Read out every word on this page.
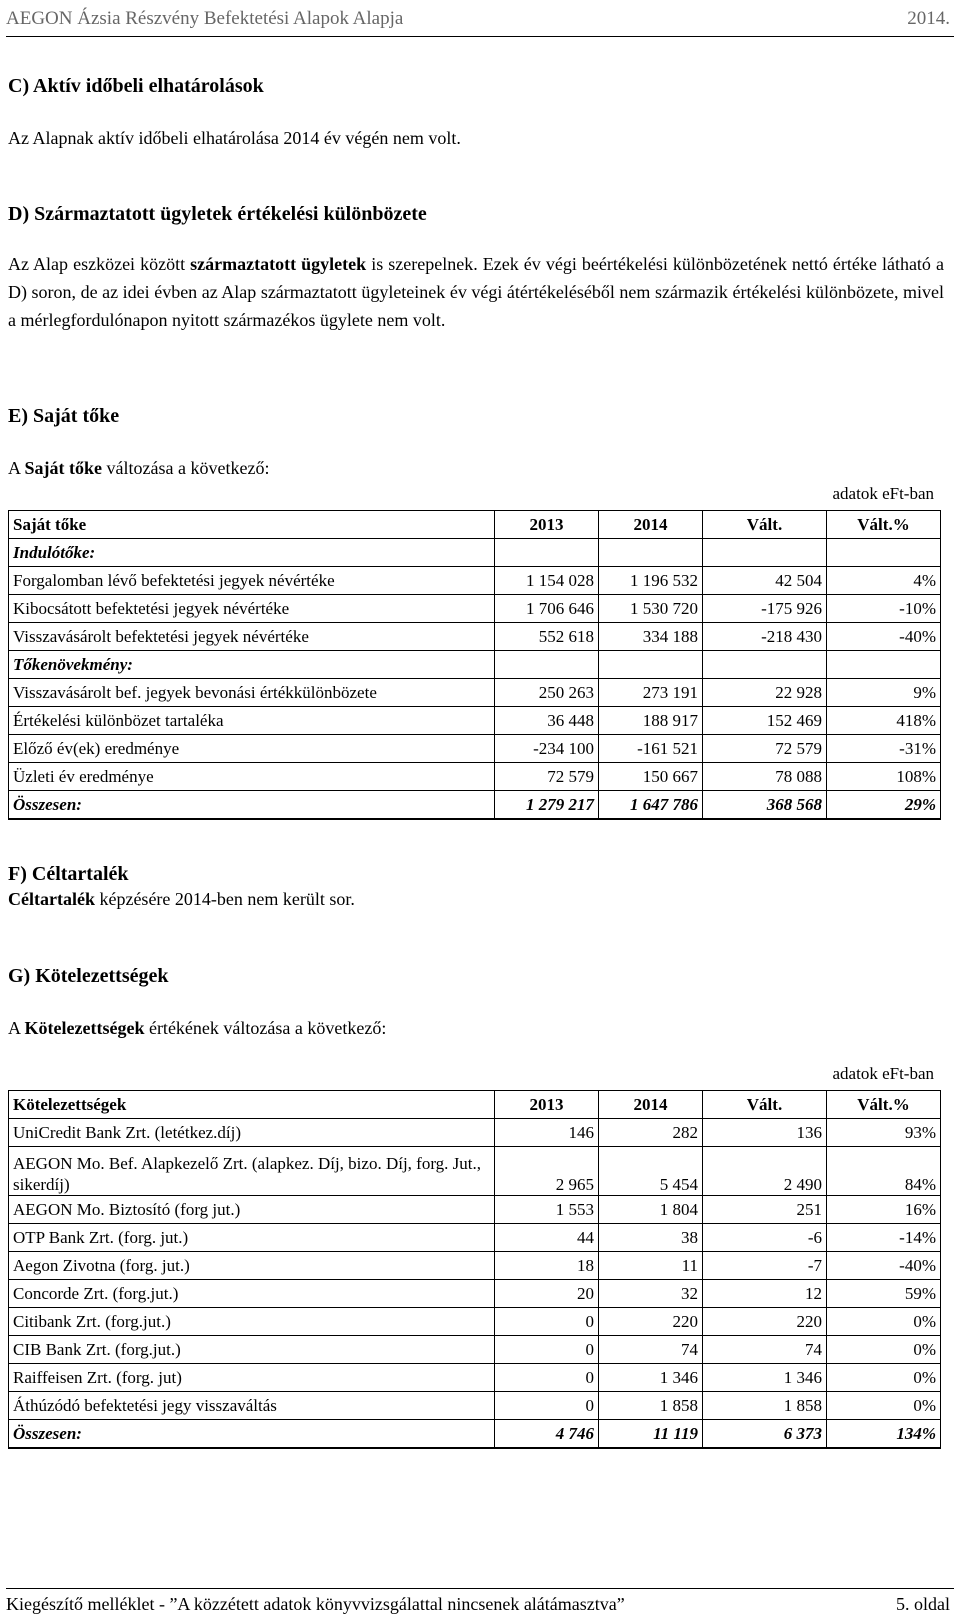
AEGON Ázsia Részvény Befektetési Alapok Alapja	2014.
C) Aktív időbeli elhatárolások
Az Alapnak aktív időbeli elhatárolása 2014 év végén nem volt.
D) Származtatott ügyletek értékelési különbözete
Az Alap eszközei között származtatott ügyletek is szerepelnek. Ezek év végi beértékelési különbözetének nettó értéke látható a D) soron, de az idei évben az Alap származtatott ügyleteinek év végi átértékeléséből nem származik értékelési különbözete, mivel a mérlegfordulónapon nyitott származékos ügylete nem volt.
E) Saját tőke
A Saját tőke változása a következő:
adatok eFt-ban
Saját tőke	2013	2014	Vált.	Vált.%
Indulótőke:				
Forgalomban lévő befektetési jegyek névértéke	1 154 028	1 196 532	42 504	4%
Kibocsátott befektetési jegyek névértéke	1 706 646	1 530 720	-175 926	-10%
Visszavásárolt befektetési jegyek névértéke	552 618	334 188	-218 430	-40%
Tőkenövekmény:				
Visszavásárolt bef. jegyek bevonási értékkülönbözete	250 263	273 191	22 928	9%
Értékelési különbözet tartaléka	36 448	188 917	152 469	418%
Előző év(ek) eredménye	-234 100	-161 521	72 579	-31%
Üzleti év eredménye	72 579	150 667	78 088	108%
Összesen:	1 279 217	1 647 786	368 568	29%
F) Céltartalék
Céltartalék képzésére 2014-ben nem került sor.
G) Kötelezettségek
A Kötelezettségek értékének változása a következő:
adatok eFt-ban
Kötelezettségek	2013	2014	Vált.	Vált.%
UniCredit Bank Zrt. (letétkez.díj)	146	282	136	93%
AEGON Mo. Bef. Alapkezelő Zrt. (alapkez. Díj, bizo. Díj, forg. Jut., sikerdíj)	2 965	5 454	2 490	84%
AEGON Mo. Biztosító (forg jut.)	1 553	1 804	251	16%
OTP Bank Zrt. (forg. jut.)	44	38	-6	-14%
Aegon Zivotna (forg. jut.)	18	11	-7	-40%
Concorde Zrt. (forg.jut.)	20	32	12	59%
Citibank Zrt. (forg.jut.)	0	220	220	0%
CIB Bank Zrt. (forg.jut.)	0	74	74	0%
Raiffeisen Zrt. (forg. jut)	0	1 346	1 346	0%
Áthúzódó befektetési jegy visszaváltás	0	1 858	1 858	0%
Összesen:	4 746	11 119	6 373	134%
Kiegészítő melléklet - ”A közzétett adatok könyvvizsgálattal nincsenek alátámasztva”	5. oldal
